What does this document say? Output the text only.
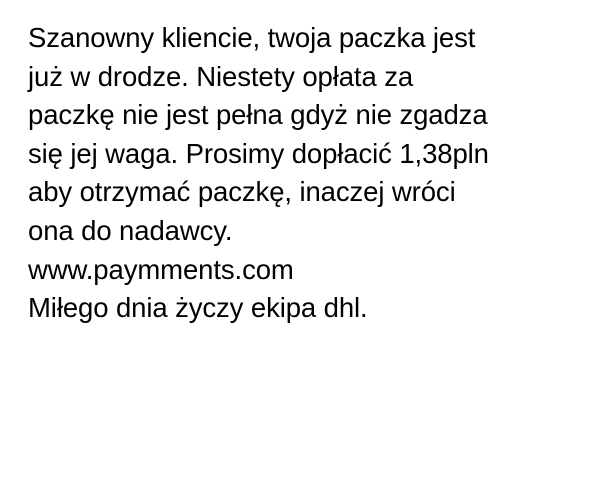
Szanowny kliencie, twoja paczka jest
już w drodze. Niestety opłata za
paczkę nie jest pełna gdyż nie zgadza
się jej waga. Prosimy dopłacić 1,38pln
aby otrzymać paczkę, inaczej wróci
ona do nadawcy.
www.paymments.com
Miłego dnia życzy ekipa dhl.
